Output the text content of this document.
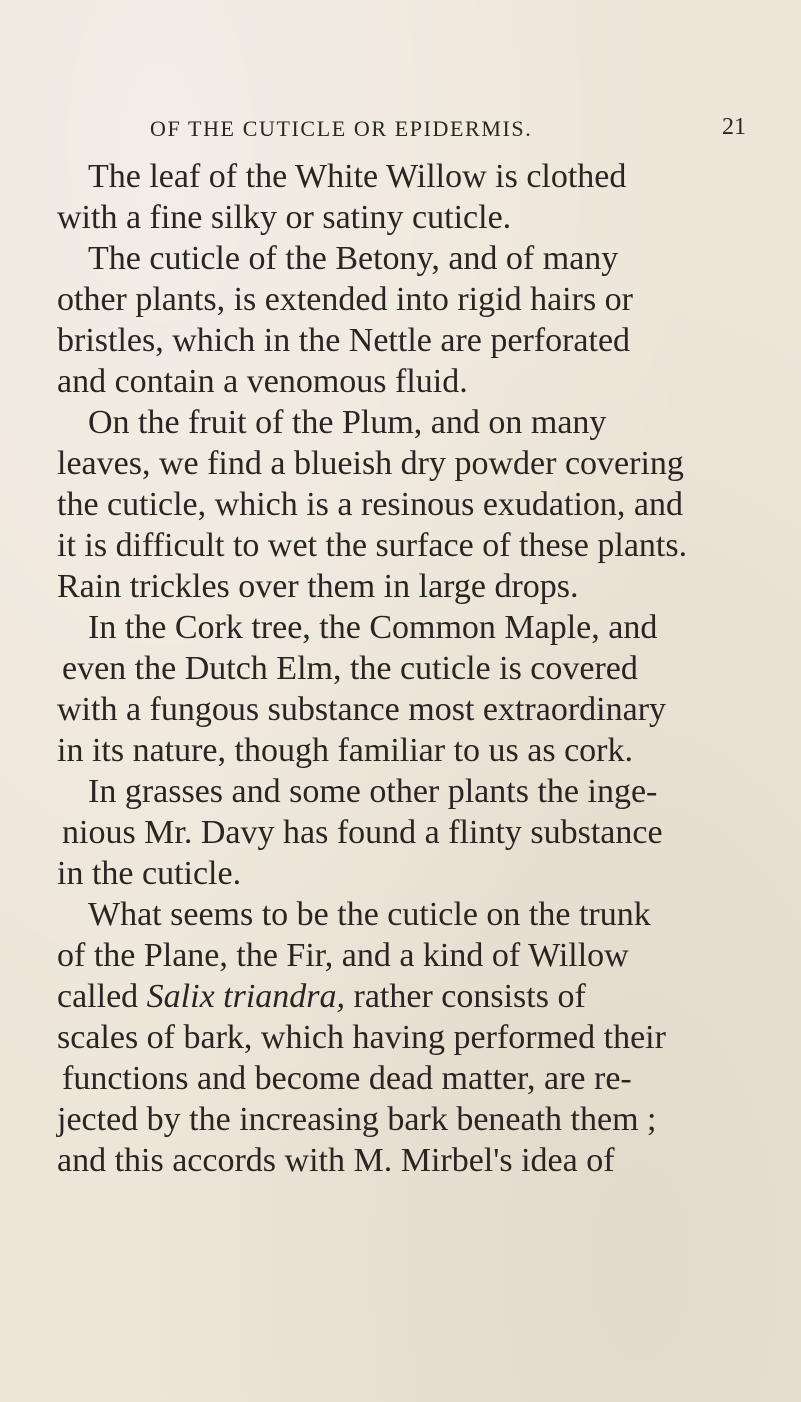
OF THE CUTICLE OR EPIDERMIS.	21
The leaf of the White Willow is clothed
with a fine silky or satiny cuticle.
The cuticle of the Betony, and of many
other plants, is extended into rigid hairs or
bristles, which in the Nettle are perforated
and contain a venomous fluid.
On the fruit of the Plum, and on many
leaves, we find a blueish dry powder covering
the cuticle, which is a resinous exudation, and
it is difficult to wet the surface of these plants.
Rain trickles over them in large drops.
In the Cork tree, the Common Maple, and
even the Dutch Elm, the cuticle is covered
with a fungous substance most extraordinary
in its nature, though familiar to us as cork.
In grasses and some other plants the inge-
nious Mr. Davy has found a flinty substance
in the cuticle.
What seems to be the cuticle on the trunk
of the Plane, the Fir, and a kind of Willow
called Salix triandra, rather consists of
scales of bark, which having performed their
functions and become dead matter, are re-
jected by the increasing bark beneath them ;
and this accords with M. Mirbel's idea of
